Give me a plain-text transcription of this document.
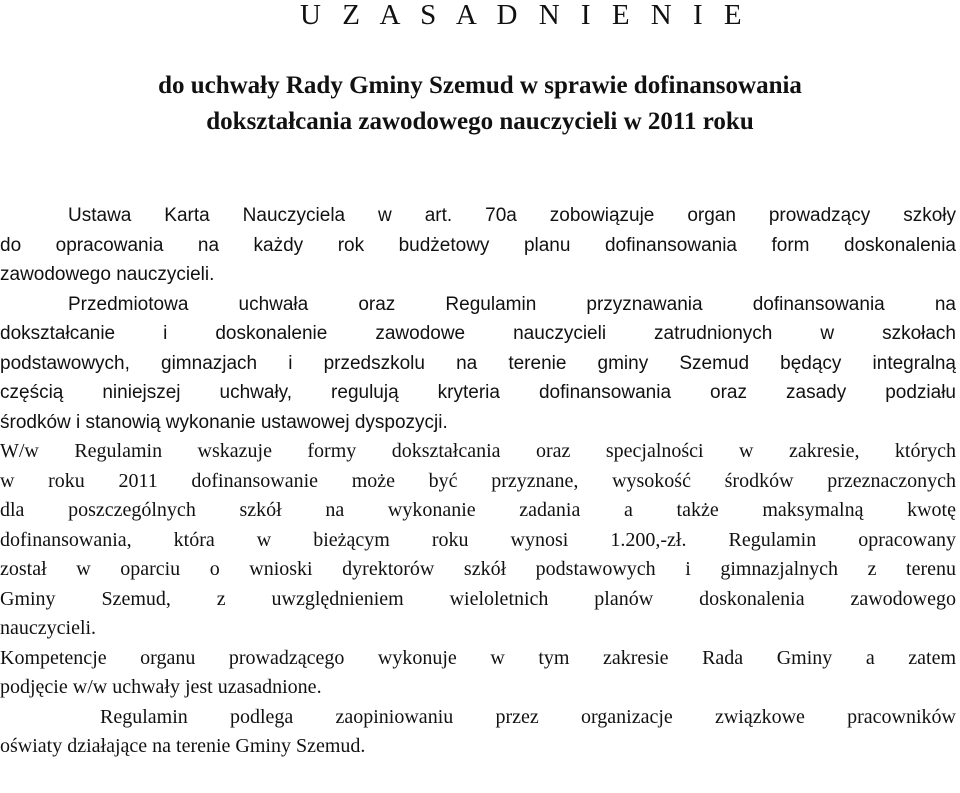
U Z A S A D N I E N I E
do uchwały Rady Gminy Szemud w sprawie dofinansowania
dokształcania zawodowego nauczycieli w 2011 roku
Ustawa Karta Nauczyciela w art. 70a zobowiązuje organ prowadzący szkoły
do opracowania na każdy rok budżetowy planu dofinansowania form doskonalenia
zawodowego nauczycieli.
Przedmiotowa uchwała oraz Regulamin przyznawania dofinansowania na
dokształcanie i doskonalenie zawodowe nauczycieli zatrudnionych w szkołach
podstawowych, gimnazjach i przedszkolu na terenie gminy Szemud będący integralną
częścią niniejszej uchwały, regulują kryteria dofinansowania oraz zasady podziału
środków i stanowią wykonanie ustawowej dyspozycji.
W/w Regulamin wskazuje formy dokształcania oraz specjalności w zakresie, których
w roku 2011 dofinansowanie może być przyznane, wysokość środków przeznaczonych
dla poszczególnych szkół na wykonanie zadania a także maksymalną kwotę
dofinansowania, która w bieżącym roku wynosi 1.200,-zł. Regulamin opracowany
został w oparciu o wnioski dyrektorów szkół podstawowych i gimnazjalnych z terenu
Gminy Szemud, z uwzględnieniem wieloletnich planów doskonalenia zawodowego
nauczycieli.
Kompetencje organu prowadzącego wykonuje w tym zakresie Rada Gminy a zatem
podjęcie w/w uchwały jest uzasadnione.
Regulamin podlega zaopiniowaniu przez organizacje związkowe pracowników
oświaty działające na terenie Gminy Szemud.
